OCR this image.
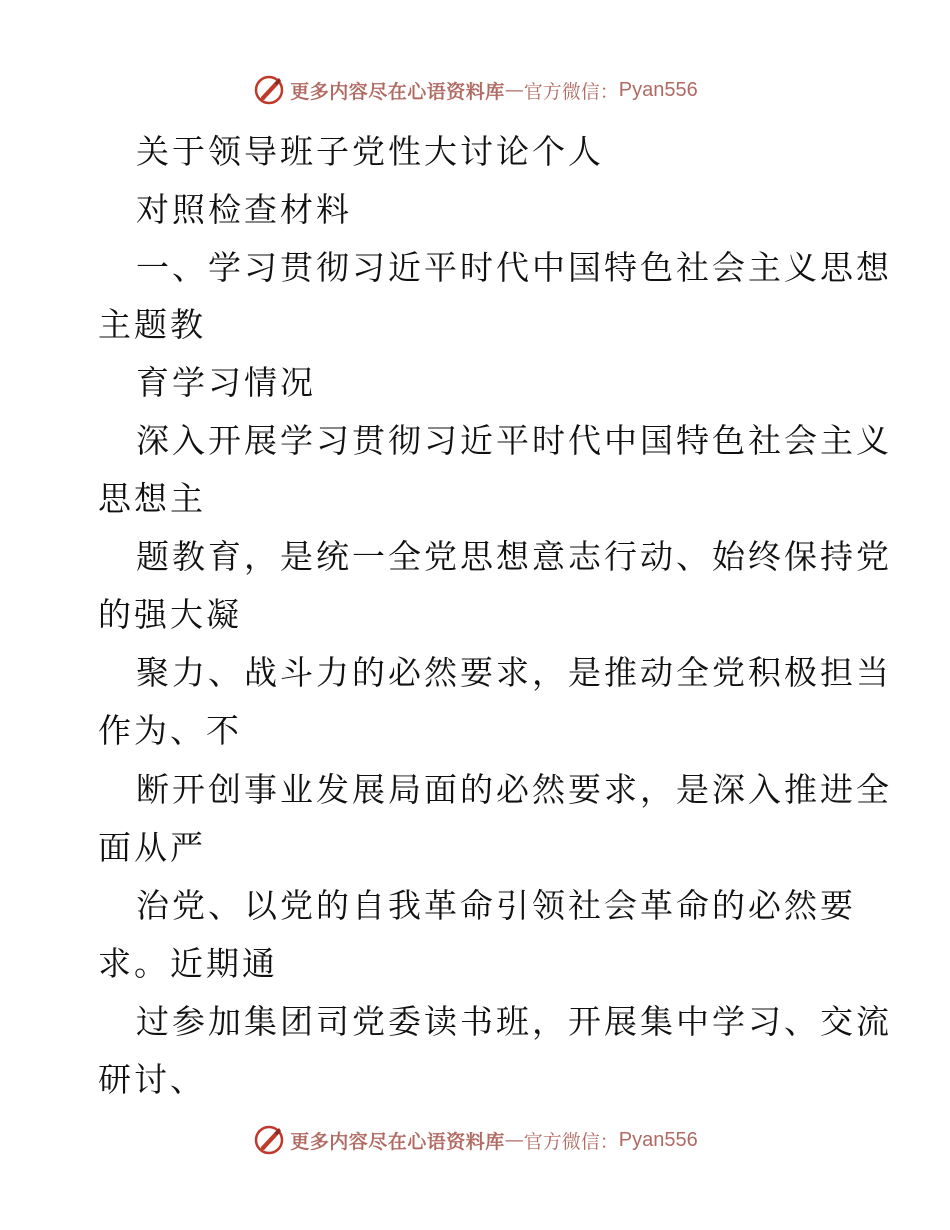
更多内容尽在心语资料库 — 官方微信： Pyan556
关于领导班子党性大讨论个人
对照检查材料
一、学习贯彻习近平时代中国特色社会主义思想
主题教
育学习情况
深入开展学习贯彻习近平时代中国特色社会主义
思想主
题教育，是统一全党思想意志行动、始终保持党
的强大凝
聚力、战斗力的必然要求，是推动全党积极担当
作为、不
断开创事业发展局面的必然要求，是深入推进全
面从严
治党、以党的自我革命引领社会革命的必然要
求。近期通
过参加集团司党委读书班，开展集中学习、交流
研讨、
更多内容尽在心语资料库 — 官方微信： Pyan556
